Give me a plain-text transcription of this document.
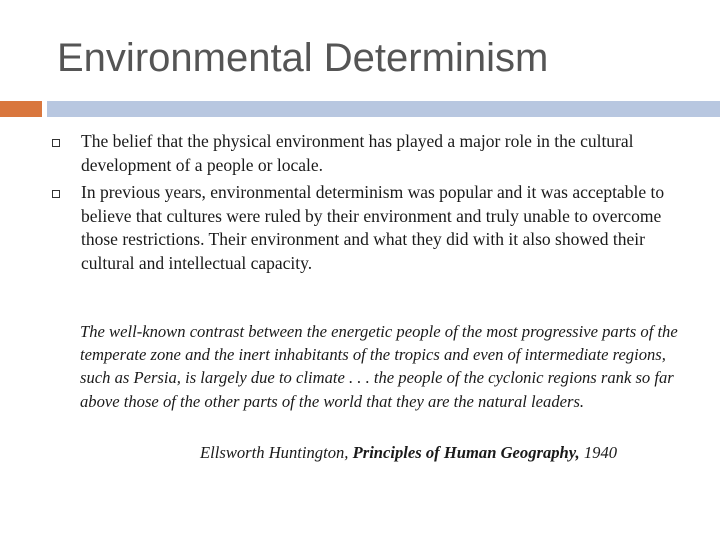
Environmental Determinism
The belief that the physical environment has played a major role in the cultural development of a people or locale.
In previous years, environmental determinism was popular and it was acceptable to believe that cultures were ruled by their environment and truly unable to overcome those restrictions. Their environment and what they did with it also showed their cultural and intellectual capacity.

The well-known contrast between the energetic people of the most progressive parts of the temperate zone and the inert inhabitants of the tropics and even of intermediate regions, such as Persia, is largely due to climate . . . the people of the cyclonic regions rank so far above those of the other parts of the world that they are the natural leaders.

Ellsworth Huntington, Principles of Human Geography, 1940
